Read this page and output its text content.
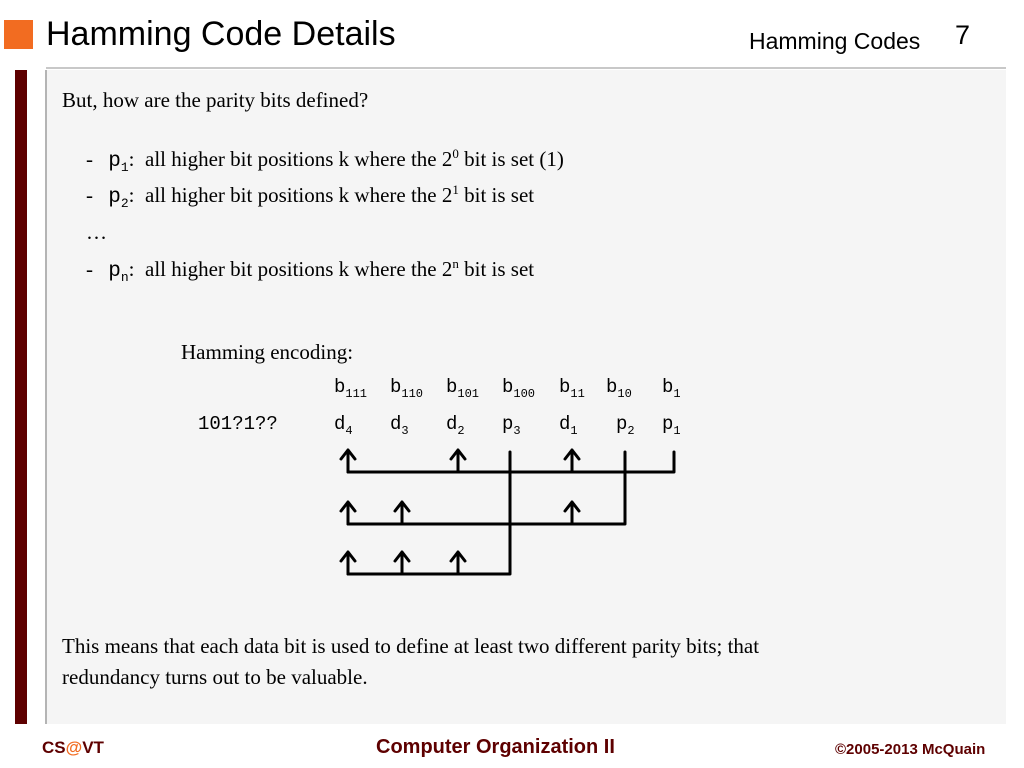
Hamming Code Details	Hamming Codes 7
But, how are the parity bits defined?
- $p_1$:  all higher bit positions k where the $2^0$ bit is set (1)
- $p_2$:  all higher bit positions k where the $2^1$ bit is set
…
- $p_n$:  all higher bit positions k where the 2$^n$ bit is set
Hamming encoding:
$b_{111}$ $b_{110}$ $b_{101}$ $b_{100}$ $b_{11}$ $b_{10}$ $b_1$
101?1??	$d_4$ $d_3$ $d_2$ $p_3$ $d_1$ $p_2$ $p_1$
This means that each data bit is used to define at least two different parity bits; that
redundancy turns out to be valuable.
CS@VT	Computer Organization II	©2005-2013 McQuain
